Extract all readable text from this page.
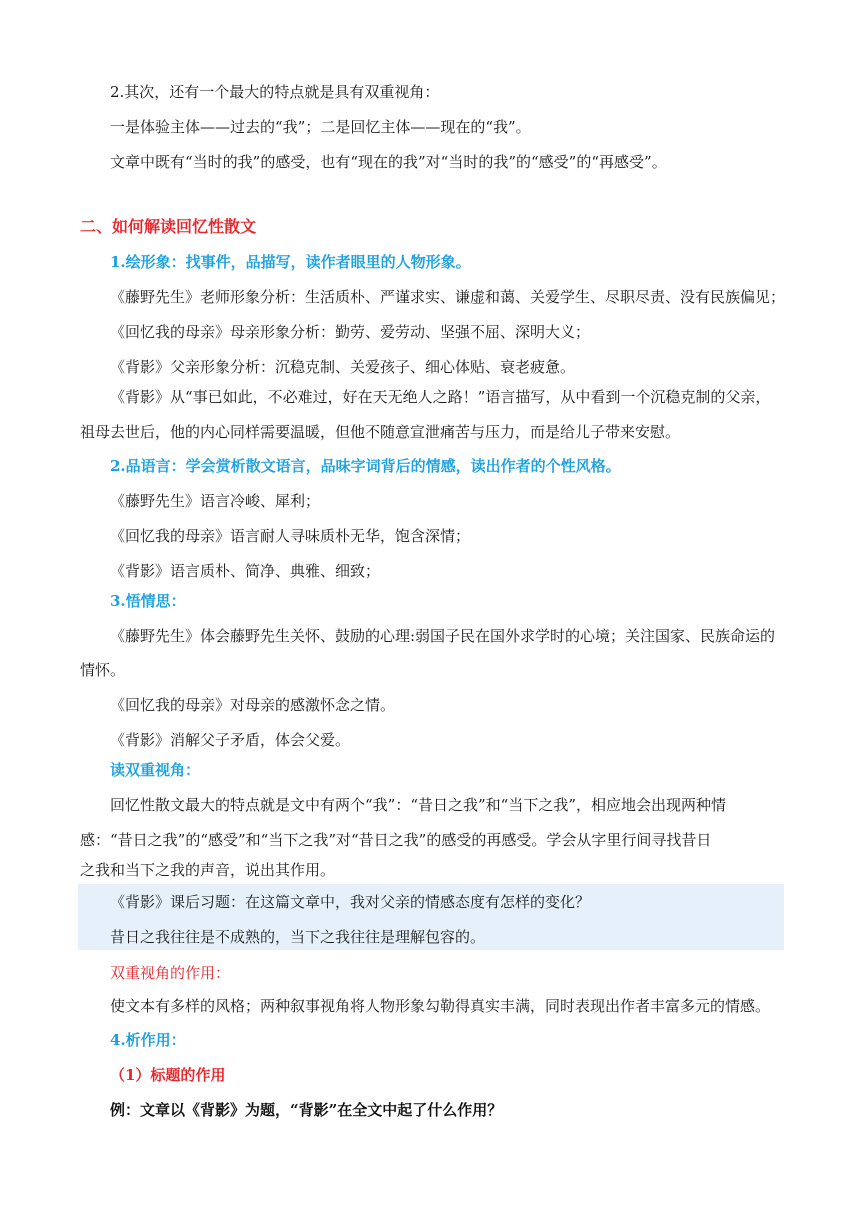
2.其次，还有一个最大的特点就是具有双重视角：
一是体验主体——过去的“我”；二是回忆主体——现在的“我”。
文章中既有“当时的我”的感受，也有“现在的我”对“当时的我”的“感受”的“再感受”。
二、如何解读回忆性散文
1.绘形象：找事件，品描写，读作者眼里的人物形象。
《藤野先生》老师形象分析：生活质朴、严谨求实、谦虚和蔼、关爱学生、尽职尽责、没有民族偏见；
《回忆我的母亲》母亲形象分析：勤劳、爱劳动、坚强不屈、深明大义；
《背影》父亲形象分析：沉稳克制、关爱孩子、细心体贴、衰老疲惫。
《背影》从“事已如此，不必难过，好在天无绝人之路！”语言描写，从中看到一个沉稳克制的父亲，
祖母去世后，他的内心同样需要温暖，但他不随意宣泄痛苦与压力，而是给儿子带来安慰。
2.品语言：学会赏析散文语言，品味字词背后的情感，读出作者的个性风格。
《藤野先生》语言冷峻、犀利；
《回忆我的母亲》语言耐人寻味质朴无华，饱含深情；
《背影》语言质朴、简净、典雅、细致；
3.悟情思：
《藤野先生》体会藤野先生关怀、鼓励的心理:弱国子民在国外求学时的心境；关注国家、民族命运的
情怀。
《回忆我的母亲》对母亲的感激怀念之情。
《背影》消解父子矛盾，体会父爱。
读双重视角：
回忆性散文最大的特点就是文中有两个“我”：“昔日之我”和“当下之我”，相应地会出现两种情
感：“昔日之我”的“感受”和“当下之我”对“昔日之我”的感受的再感受。学会从字里行间寻找昔日
之我和当下之我的声音，说出其作用。
《背影》课后习题：在这篇文章中，我对父亲的情感态度有怎样的变化？
昔日之我往往是不成熟的，当下之我往往是理解包容的。
双重视角的作用：
使文本有多样的风格；两种叙事视角将人物形象勾勒得真实丰满，同时表现出作者丰富多元的情感。
4.析作用：
（1）标题的作用
例：文章以《背影》为题，“背影”在全文中起了什么作用？
